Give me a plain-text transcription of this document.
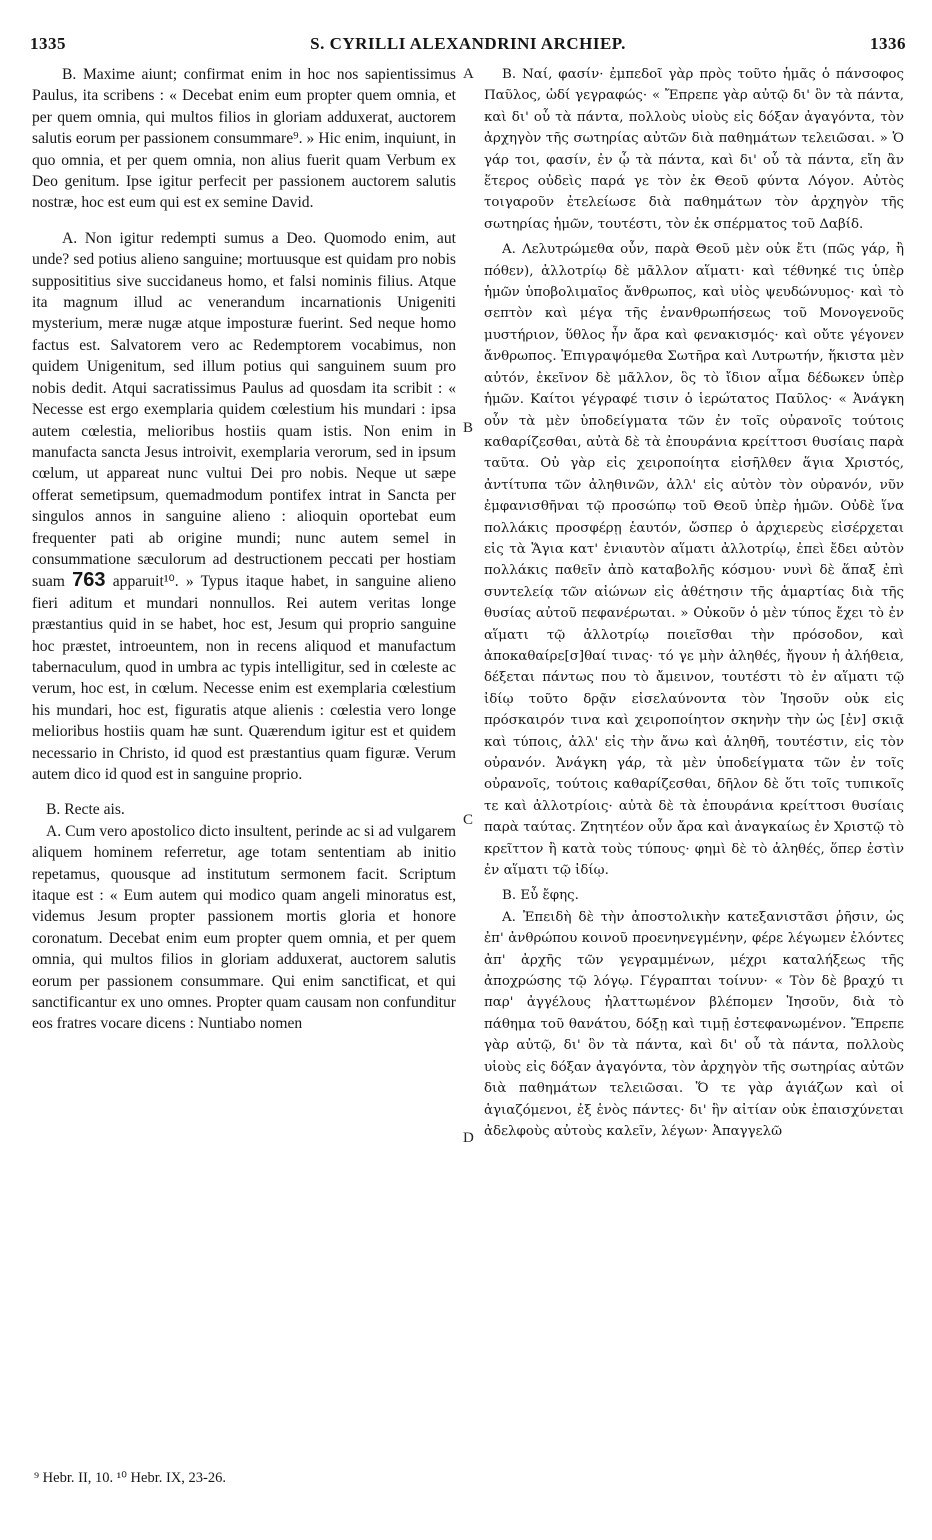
1335	S. CYRILLI ALEXANDRINI ARCHIEP.	1336

B. Maxime aiunt; confirmat enim in hoc nos sapientissimus Paulus, ita scribens : « Decebat enim eum propter quem omnia, et per quem omnia, qui multos filios in gloriam adduxerat, auctorem salutis eorum per passionem consummare⁹. » Hic enim, inquiunt, in quo omnia, et per quem omnia, non alius fuerit quam Verbum ex Deo genitum. Ipse igitur perfecit per passionem auctorem salutis nostræ, hoc est eum qui est ex semine David.

A. Non igitur redempti sumus a Deo. Quomodo enim, aut unde? sed potius alieno sanguine; mortuusque est quidam pro nobis supposititius sive succidaneus homo, et falsi nominis filius. Atque ita magnum illud ac venerandum incarnationis Unigeniti mysterium, meræ nugæ atque imposturæ fuerint. Sed neque homo factus est. Salvatorem vero ac Redemptorem vocabimus, non quidem Unigenitum, sed illum potius qui sanguinem suum pro nobis dedit. Atqui sacratissimus Paulus ad quosdam ita scribit : « Necesse est ergo exemplaria quidem cœlestium his mundari : ipsa autem cœlestia, melioribus hostiis quam istis. Non enim in manufacta sancta Jesus introivit, exemplaria verorum, sed in ipsum cœlum, ut appareat nunc vultui Dei pro nobis. Neque ut sæpe offerat semetipsum, quemadmodum pontifex intrat in Sancta per singulos annos in sanguine alieno : alioquin oportebat eum frequenter pati ab origine mundi; nunc autem semel in consummatione sæculorum ad destructionem peccati per hostiam suam 763 apparuit¹⁰. » Typus itaque habet, in sanguine alieno fieri aditum et mundari nonnullos. Rei autem veritas longe præstantius quid in se habet, hoc est, Jesum qui proprio sanguine hoc præstet, introeuntem, non in recens aliquod et manufactum tabernaculum, quod in umbra ac typis intelligitur, sed in cœleste ac verum, hoc est, in cœlum. Necesse enim est exemplaria cœlestium his mundari, hoc est, figuratis atque alienis : cœlestia vero longe melioribus hostiis quam hæ sunt. Quærendum igitur est et quidem necessario in Christo, id quod est præstantius quam figuræ. Verum autem dico id quod est in sanguine proprio.

B. Recte ais.

A. Cum vero apostolico dicto insultent, perinde ac si ad vulgarem aliquem hominem referretur, age totam sententiam ab initio repetamus, quousque ad institutum sermonem facit. Scriptum itaque est : « Eum autem qui modico quam angeli minoratus est, videmus Jesum propter passionem mortis gloria et honore coronatum. Decebat enim eum propter quem omnia, et per quem omnia, qui multos filios in gloriam adduxerat, auctorem salutis eorum per passionem consummare. Qui enim sanctificat, et qui sanctificantur ex uno omnes. Propter quam causam non confunditur eos fratres vocare dicens : Nuntiabo nomen

A
B
C
D

B. Ναί, φασίν· ἐμπεδοῖ γὰρ πρὸς τοῦτο ἡμᾶς ὁ πάνσοφος Παῦλος, ὡδί γεγραφώς· « Ἔπρεπε γὰρ αὐτῷ δι' ὃν τὰ πάντα, καὶ δι' οὗ τὰ πάντα, πολλοὺς υἱοὺς εἰς δόξαν ἀγαγόντα, τὸν ἀρχηγὸν τῆς σωτηρίας αὐτῶν διὰ παθημάτων τελειῶσαι. » Ὁ γάρ τοι, φασίν, ἐν ᾧ τὰ πάντα, καὶ δι' οὗ τὰ πάντα, εἴη ἂν ἕτερος οὐδεὶς παρά γε τὸν ἐκ Θεοῦ φύντα Λόγον. Αὐτὸς τοιγαροῦν ἐτελείωσε διὰ παθημάτων τὸν ἀρχηγὸν τῆς σωτηρίας ἡμῶν, τουτέστι, τὸν ἐκ σπέρματος τοῦ Δαβίδ.

A. Λελυτρώμεθα οὖν, παρὰ Θεοῦ μὲν οὐκ ἔτι (πῶς γάρ, ἢ πόθεν), ἀλλοτρίῳ δὲ μᾶλλον αἵματι· καὶ τέθνηκέ τις ὑπὲρ ἡμῶν ὑποβολιμαῖος ἄνθρωπος, καὶ υἱὸς ψευδώνυμος· καὶ τὸ σεπτὸν καὶ μέγα τῆς ἐνανθρωπήσεως τοῦ Μονογενοῦς μυστήριον, ὕθλος ἦν ἄρα καὶ φενακισμός· καὶ οὔτε γέγονεν ἄνθρωπος. Ἐπιγραψόμεθα Σωτῆρα καὶ Λυτρωτήν, ἥκιστα μὲν αὐτόν, ἐκεῖνον δὲ μᾶλλον, ὃς τὸ ἴδιον αἷμα δέδωκεν ὑπὲρ ἡμῶν. Καίτοι γέγραφέ τισιν ὁ ἱερώτατος Παῦλος· « Ἀνάγκη οὖν τὰ μὲν ὑποδείγματα τῶν ἐν τοῖς οὐρανοῖς τούτοις καθαρίζεσθαι, αὐτὰ δὲ τὰ ἐπουράνια κρείττοσι θυσίαις παρὰ ταῦτα. Οὐ γὰρ εἰς χειροποίητα εἰσῆλθεν ἅγια Χριστός, ἀντίτυπα τῶν ἀληθινῶν, ἀλλ' εἰς αὐτὸν τὸν οὐρανόν, νῦν ἐμφανισθῆναι τῷ προσώπῳ τοῦ Θεοῦ ὑπὲρ ἡμῶν. Οὐδὲ ἵνα πολλάκις προσφέρῃ ἑαυτόν, ὥσπερ ὁ ἀρχιερεὺς εἰσέρχεται εἰς τὰ Ἅγια κατ' ἐνιαυτὸν αἵματι ἀλλοτρίῳ, ἐπεὶ ἔδει αὐτὸν πολλάκις παθεῖν ἀπὸ καταβολῆς κόσμου· νυνὶ δὲ ἅπαξ ἐπὶ συντελείᾳ τῶν αἰώνων εἰς ἀθέτησιν τῆς ἁμαρτίας διὰ τῆς θυσίας αὐτοῦ πεφανέρωται. » Οὐκοῦν ὁ μὲν τύπος ἔχει τὸ ἐν αἵματι τῷ ἀλλοτρίῳ ποιεῖσθαι τὴν πρόσοδον, καὶ ἀποκαθαίρε[σ]θαί τινας· τό γε μὴν ἀληθές, ἤγουν ἡ ἀλήθεια, δέξεται πάντως που τὸ ἄμεινον, τουτέστι τὸ ἐν αἵματι τῷ ἰδίῳ τοῦτο δρᾷν εἰσελαύνοντα τὸν Ἰησοῦν οὐκ εἰς πρόσκαιρόν τινα καὶ χειροποίητον σκηνὴν τὴν ὡς [ἐν] σκιᾷ καὶ τύποις, ἀλλ' εἰς τὴν ἄνω καὶ ἀληθῆ, τουτέστιν, εἰς τὸν οὐρανόν. Ἀνάγκη γάρ, τὰ μὲν ὑποδείγματα τῶν ἐν τοῖς οὐρανοῖς, τούτοις καθαρίζεσθαι, δῆλον δὲ ὅτι τοῖς τυπικοῖς τε καὶ ἀλλοτρίοις· αὐτὰ δὲ τὰ ἐπουράνια κρείττοσι θυσίαις παρὰ ταύτας. Ζητητέον οὖν ἄρα καὶ ἀναγκαίως ἐν Χριστῷ τὸ κρεῖττον ἢ κατὰ τοὺς τύπους· φημὶ δὲ τὸ ἀληθές, ὅπερ ἐστὶν ἐν αἵματι τῷ ἰδίῳ.

B. Εὖ ἔφης.

A. Ἐπειδὴ δὲ τὴν ἀποστολικὴν κατεξανιστᾶσι ῥῆσιν, ὡς ἐπ' ἀνθρώπου κοινοῦ προενηνεγμένην, φέρε λέγωμεν ἐλόντες ἀπ' ἀρχῆς τῶν γεγραμμένων, μέχρι καταλήξεως τῆς ἀποχρώσης τῷ λόγῳ. Γέγραπται τοίνυν· « Τὸν δὲ βραχύ τι παρ' ἀγγέλους ἠλαττωμένον βλέπομεν Ἰησοῦν, διὰ τὸ πάθημα τοῦ θανάτου, δόξῃ καὶ τιμῇ ἐστεφανωμένον. Ἔπρεπε γὰρ αὐτῷ, δι' ὃν τὰ πάντα, καὶ δι' οὗ τὰ πάντα, πολλοὺς υἱοὺς εἰς δόξαν ἀγαγόντα, τὸν ἀρχηγὸν τῆς σωτηρίας αὐτῶν διὰ παθημάτων τελειῶσαι. Ὅ τε γὰρ ἁγιάζων καὶ οἱ ἁγιαζόμενοι, ἐξ ἑνὸς πάντες· δι' ἣν αἰτίαν οὐκ ἐπαισχύνεται ἀδελφοὺς αὐτοὺς καλεῖν, λέγων· Ἀπαγγελῶ

⁹ Hebr. II, 10. ¹⁰ Hebr. IX, 23-26.
